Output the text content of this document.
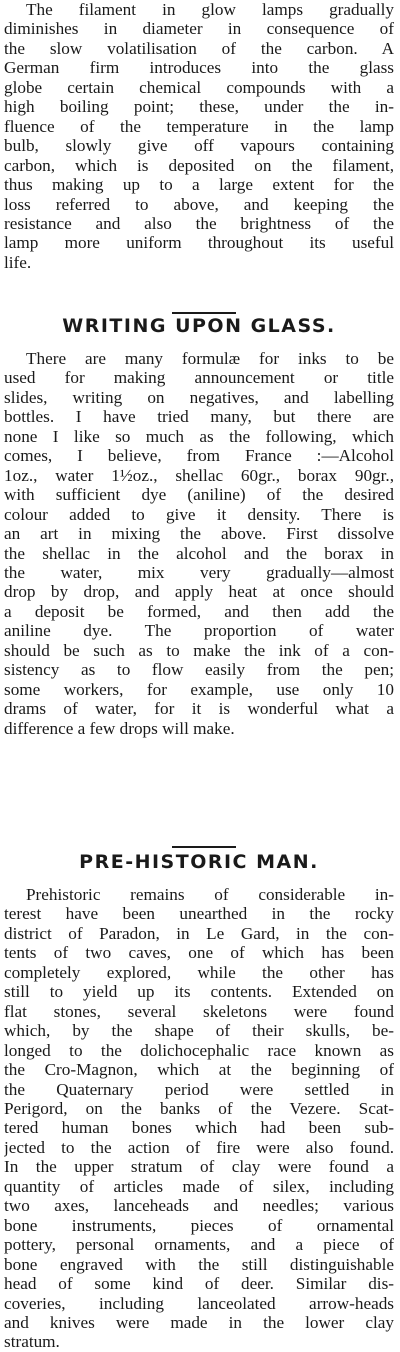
The filament in glow lamps gradually
diminishes in diameter in consequence of
the slow volatilisation of the carbon. A
German firm introduces into the glass
globe certain chemical compounds with a
high boiling point; these, under the in-
fluence of the temperature in the lamp
bulb, slowly give off vapours containing
carbon, which is deposited on the filament,
thus making up to a large extent for the
loss referred to above, and keeping the
resistance and also the brightness of the
lamp more uniform throughout its useful
life.
WRITING UPON GLASS.
There are many formulæ for inks to be
used for making announcement or title
slides, writing on negatives, and labelling
bottles. I have tried many, but there are
none I like so much as the following, which
comes, I believe, from France :—Alcohol
1oz., water 1½oz., shellac 60gr., borax 90gr.,
with sufficient dye (aniline) of the desired
colour added to give it density. There is
an art in mixing the above. First dissolve
the shellac in the alcohol and the borax in
the water, mix very gradually—almost
drop by drop, and apply heat at once should
a deposit be formed, and then add the
aniline dye. The proportion of water
should be such as to make the ink of a con-
sistency as to flow easily from the pen;
some workers, for example, use only 10
drams of water, for it is wonderful what a
difference a few drops will make.
PRE-HISTORIC MAN.
Prehistoric remains of considerable in-
terest have been unearthed in the rocky
district of Paradon, in Le Gard, in the con-
tents of two caves, one of which has been
completely explored, while the other has
still to yield up its contents. Extended on
flat stones, several skeletons were found
which, by the shape of their skulls, be-
longed to the dolichocephalic race known as
the Cro-Magnon, which at the beginning of
the Quaternary period were settled in
Perigord, on the banks of the Vezere. Scat-
tered human bones which had been sub-
jected to the action of fire were also found.
In the upper stratum of clay were found a
quantity of articles made of silex, including
two axes, lanceheads and needles; various
bone instruments, pieces of ornamental
pottery, personal ornaments, and a piece of
bone engraved with the still distinguishable
head of some kind of deer. Similar dis-
coveries, including lanceolated arrow-heads
and knives were made in the lower clay
stratum.
